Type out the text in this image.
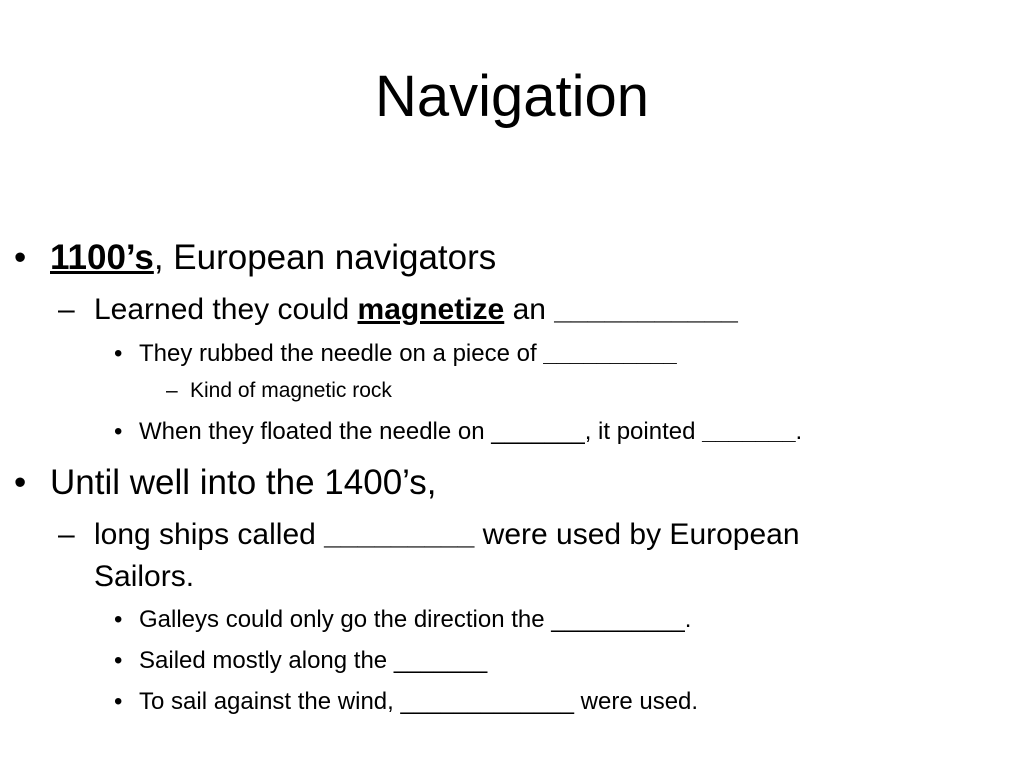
Navigation
• 1100’s, European navigators
– Learned they could magnetize an ___________
• They rubbed the needle on a piece of __________
– Kind of magnetic rock
• When they floated the needle on _______, it pointed _______.
• Until well into the 1400’s,
– long ships called _________ were used by European
Sailors.
• Galleys could only go the direction the __________.
• Sailed mostly along the _______
• To sail against the wind, _____________ were used.
